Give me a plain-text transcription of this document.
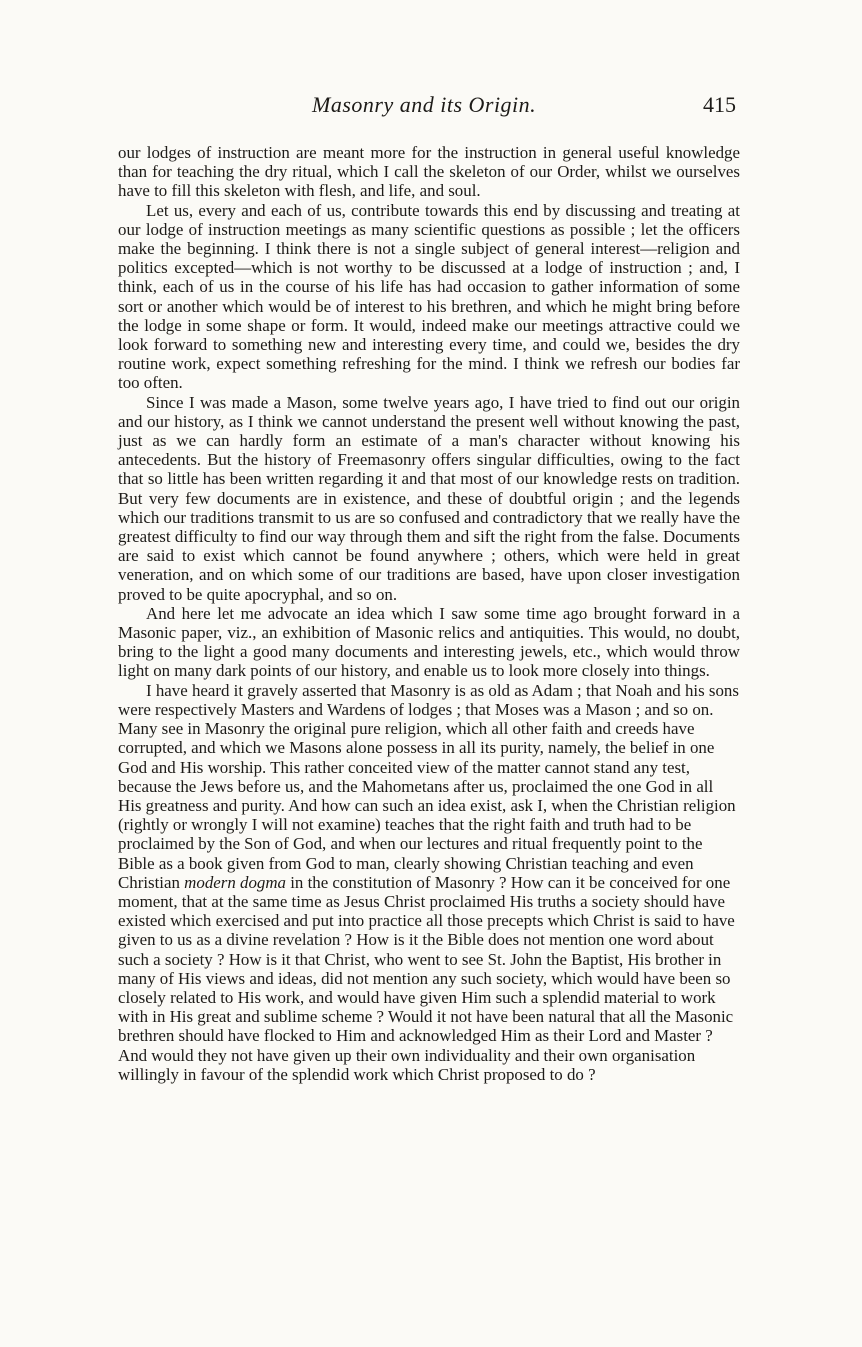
Masonry and its Origin.	415

our lodges of instruction are meant more for the instruction in general useful knowledge than for teaching the dry ritual, which I call the skeleton of our Order, whilst we ourselves have to fill this skeleton with flesh, and life, and soul.

Let us, every and each of us, contribute towards this end by discussing and treating at our lodge of instruction meetings as many scientific questions as possible ; let the officers make the beginning. I think there is not a single subject of general interest—religion and politics excepted—which is not worthy to be discussed at a lodge of instruction ; and, I think, each of us in the course of his life has had occasion to gather information of some sort or another which would be of interest to his brethren, and which he might bring before the lodge in some shape or form. It would, indeed make our meetings attractive could we look forward to something new and interesting every time, and could we, besides the dry routine work, expect something refreshing for the mind. I think we refresh our bodies far too often.

Since I was made a Mason, some twelve years ago, I have tried to find out our origin and our history, as I think we cannot understand the present well without knowing the past, just as we can hardly form an estimate of a man's character without knowing his antecedents. But the history of Freemasonry offers singular difficulties, owing to the fact that so little has been written regarding it and that most of our knowledge rests on tradition. But very few documents are in existence, and these of doubtful origin ; and the legends which our traditions transmit to us are so confused and contradictory that we really have the greatest difficulty to find our way through them and sift the right from the false. Documents are said to exist which cannot be found anywhere ; others, which were held in great veneration, and on which some of our traditions are based, have upon closer investigation proved to be quite apocryphal, and so on.

And here let me advocate an idea which I saw some time ago brought forward in a Masonic paper, viz., an exhibition of Masonic relics and antiquities. This would, no doubt, bring to the light a good many documents and interesting jewels, etc., which would throw light on many dark points of our history, and enable us to look more closely into things.

I have heard it gravely asserted that Masonry is as old as Adam ; that Noah and his sons were respectively Masters and Wardens of lodges ; that Moses was a Mason ; and so on. Many see in Masonry the original pure religion, which all other faith and creeds have corrupted, and which we Masons alone possess in all its purity, namely, the belief in one God and His worship. This rather conceited view of the matter cannot stand any test, because the Jews before us, and the Mahometans after us, proclaimed the one God in all His greatness and purity. And how can such an idea exist, ask I, when the Christian religion (rightly or wrongly I will not examine) teaches that the right faith and truth had to be proclaimed by the Son of God, and when our lectures and ritual frequently point to the Bible as a book given from God to man, clearly showing Christian teaching and even Christian modern dogma in the constitution of Masonry ? How can it be conceived for one moment, that at the same time as Jesus Christ proclaimed His truths a society should have existed which exercised and put into practice all those precepts which Christ is said to have given to us as a divine revelation ? How is it the Bible does not mention one word about such a society ? How is it that Christ, who went to see St. John the Baptist, His brother in many of His views and ideas, did not mention any such society, which would have been so closely related to His work, and would have given Him such a splendid material to work with in His great and sublime scheme ? Would it not have been natural that all the Masonic brethren should have flocked to Him and acknowledged Him as their Lord and Master ? And would they not have given up their own individuality and their own organisation willingly in favour of the splendid work which Christ proposed to do ?
